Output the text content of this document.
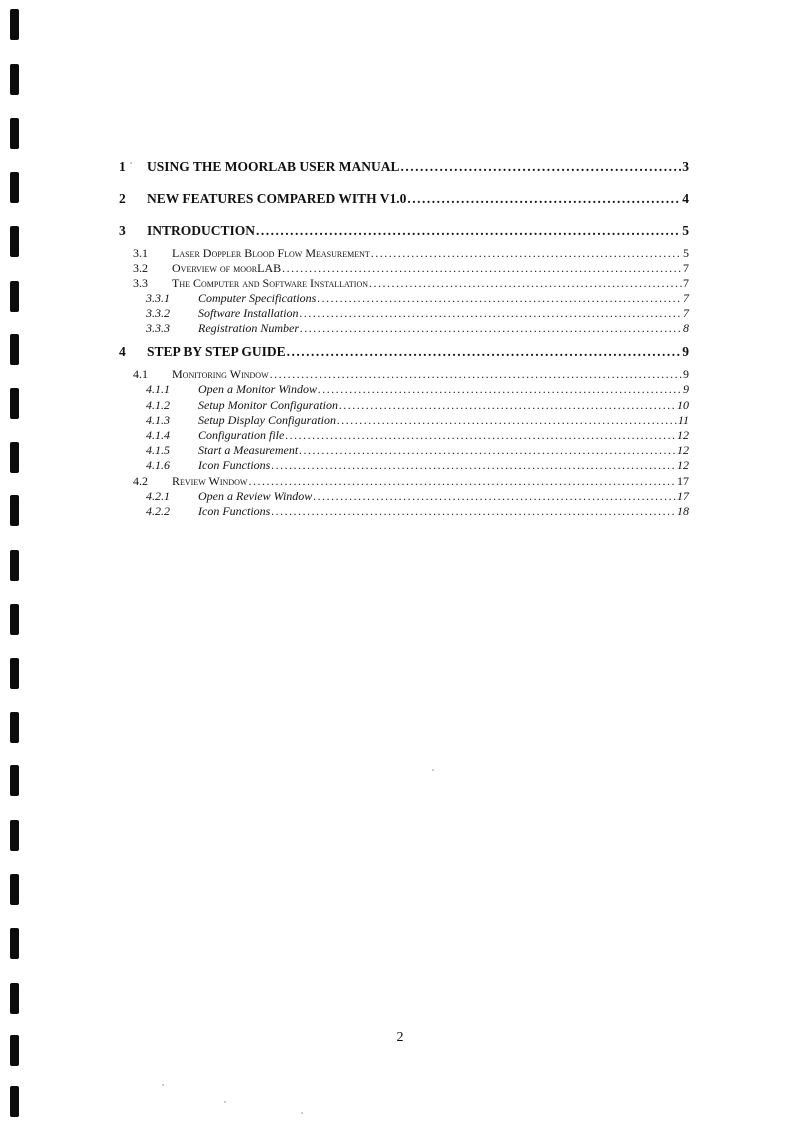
1	USING THE MOORLAB USER MANUAL .....	3
2	NEW FEATURES COMPARED WITH V1.0 .....	4
3	INTRODUCTION .....	5
3.1	Laser Doppler Blood Flow Measurement .....	5
3.2	Overview of moorLAB .....	7
3.3	The Computer and Software Installation .....	7
3.3.1	Computer Specifications .....	7
3.3.2	Software Installation .....	7
3.3.3	Registration Number .....	8
4	STEP BY STEP GUIDE .....	9
4.1	Monitoring Window .....	9
4.1.1	Open a Monitor Window .....	9
4.1.2	Setup Monitor Configuration .....	10
4.1.3	Setup Display Configuration .....	11
4.1.4	Configuration file .....	12
4.1.5	Start a Measurement .....	12
4.1.6	Icon Functions .....	12
4.2	Review Window .....	17
4.2.1	Open a Review Window .....	17
4.2.2	Icon Functions .....	18
2
